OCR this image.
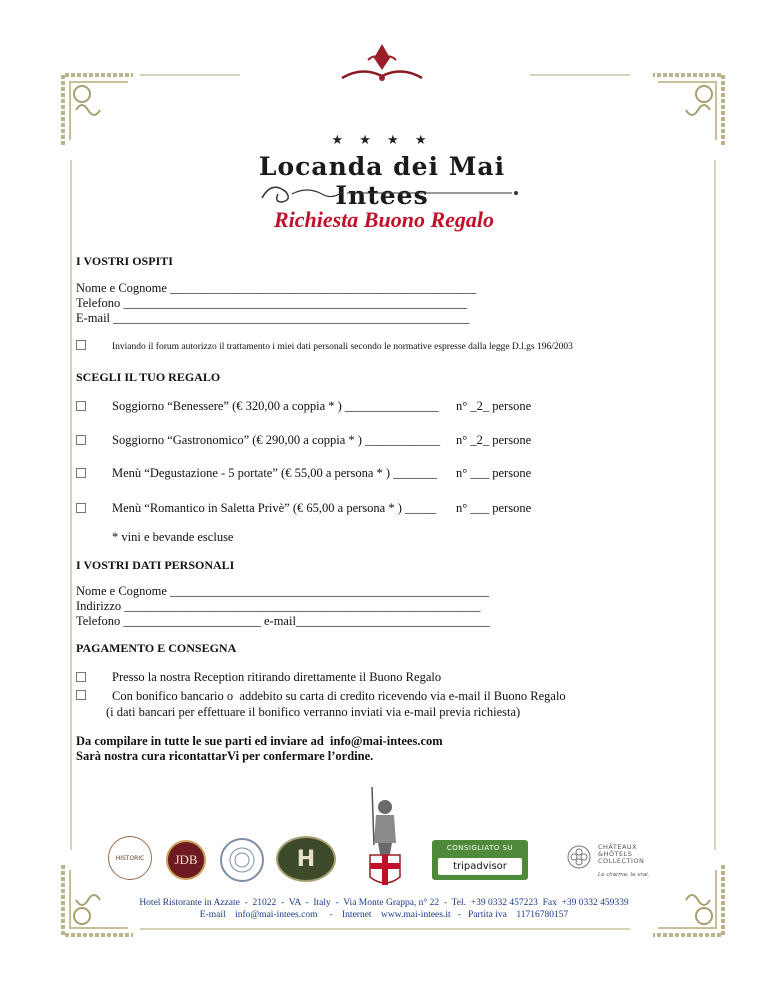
★ ★ ★ ★
Locanda dei Mai Intees
Richiesta Buono Regalo
I VOSTRI OSPITI
Nome e Cognome _________________________________________________
Telefono _______________________________________________________
E-mail _________________________________________________________
Inviando il forum autorizzo il trattamento i miei dati personali secondo le normative espresse dalla legge D.l.gs 196/2003
SCEGLI IL TUO REGALO
Soggiorno “Benessere” (€ 320,00 a coppia * ) _______________ n° _2_ persone
Soggiorno “Gastronomico” (€ 290,00 a coppia * ) ____________ n° _2_ persone
Menù “Degustazione - 5 portate” (€ 55,00 a persona * ) _______ n° ___ persone
Menù “Romantico in Saletta Privè” (€ 65,00 a persona * ) _____ n° ___ persone
* vini e bevande escluse
I VOSTRI DATI PERSONALI
Nome e Cognome ___________________________________________________
Indirizzo _________________________________________________________
Telefono ______________________ e-mail_______________________________
PAGAMENTO E CONSEGNA
Presso la nostra Reception ritirando direttamente il Buono Regalo
Con bonifico bancario o  addebito su carta di credito ricevendo via e-mail il Buono Regalo
(i dati bancari per effettuare il bonifico verranno inviati via e-mail previa richiesta)
Da compilare in tutte le sue parti ed inviare ad  info@mai-intees.com
Sarà nostra cura ricontattarVi per confermare l’ordine.
HISTORIC JDB	H	CONSIGLIATO SU
tripadvisor
CHÂTEAUX
&HÔTELS
COLLECTION
Le charme, le vrai.
Hotel Ristorante in Azzate  -  21022  -  VA  -  Italy  -  Via Monte Grappa, n° 22  -  Tel.  +39 0332 457223  Fax  +39 0332 459339
E-mail    info@mai-intees.com     -    Internet    www.mai-intees.it   -   Partita iva    11716780157
